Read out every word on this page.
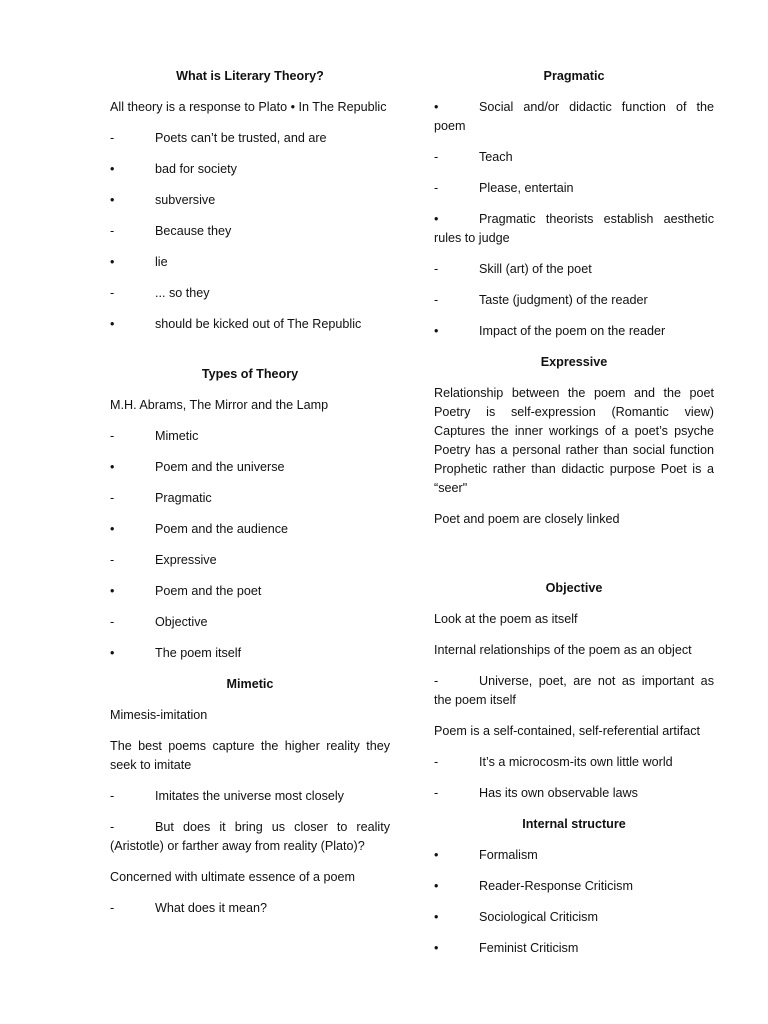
What is Literary Theory?
All theory is a response to Plato • In The Republic
-	Poets can’t be trusted, and are
•	bad for society
•	subversive
-	Because they
•	lie
-	... so they
•	should be kicked out of The Republic
Types of Theory
M.H. Abrams, The Mirror and the Lamp
-	Mimetic
•	Poem and the universe
-	Pragmatic
•	Poem and the audience
-	Expressive
•	Poem and the poet
-	Objective
•	The poem itself
Mimetic
Mimesis-imitation
The best poems capture the higher reality they seek to imitate
-	Imitates the universe most closely
-	But does it bring us closer to reality (Aristotle) or farther away from reality (Plato)?
Concerned with ultimate essence of a poem
-	What does it mean?
Pragmatic
•	Social and/or didactic function of the poem
-	Teach
-	Please, entertain
•	Pragmatic theorists establish aesthetic rules to judge
-	Skill (art) of the poet
-	Taste (judgment) of the reader
•	Impact of the poem on the reader
Expressive
Relationship between the poem and the poet Poetry is self-expression (Romantic view) Captures the inner workings of a poet’s psyche Poetry has a personal rather than social function Prophetic rather than didactic purpose Poet is a “seer"
Poet and poem are closely linked
Objective
Look at the poem as itself
Internal relationships of the poem as an object
-	Universe, poet, are not as important as the poem itself
Poem is a self-contained, self-referential artifact
-	It’s a microcosm-its own little world
-	Has its own observable laws
Internal structure
•	Formalism
•	Reader-Response Criticism
•	Sociological Criticism
•	Feminist Criticism
